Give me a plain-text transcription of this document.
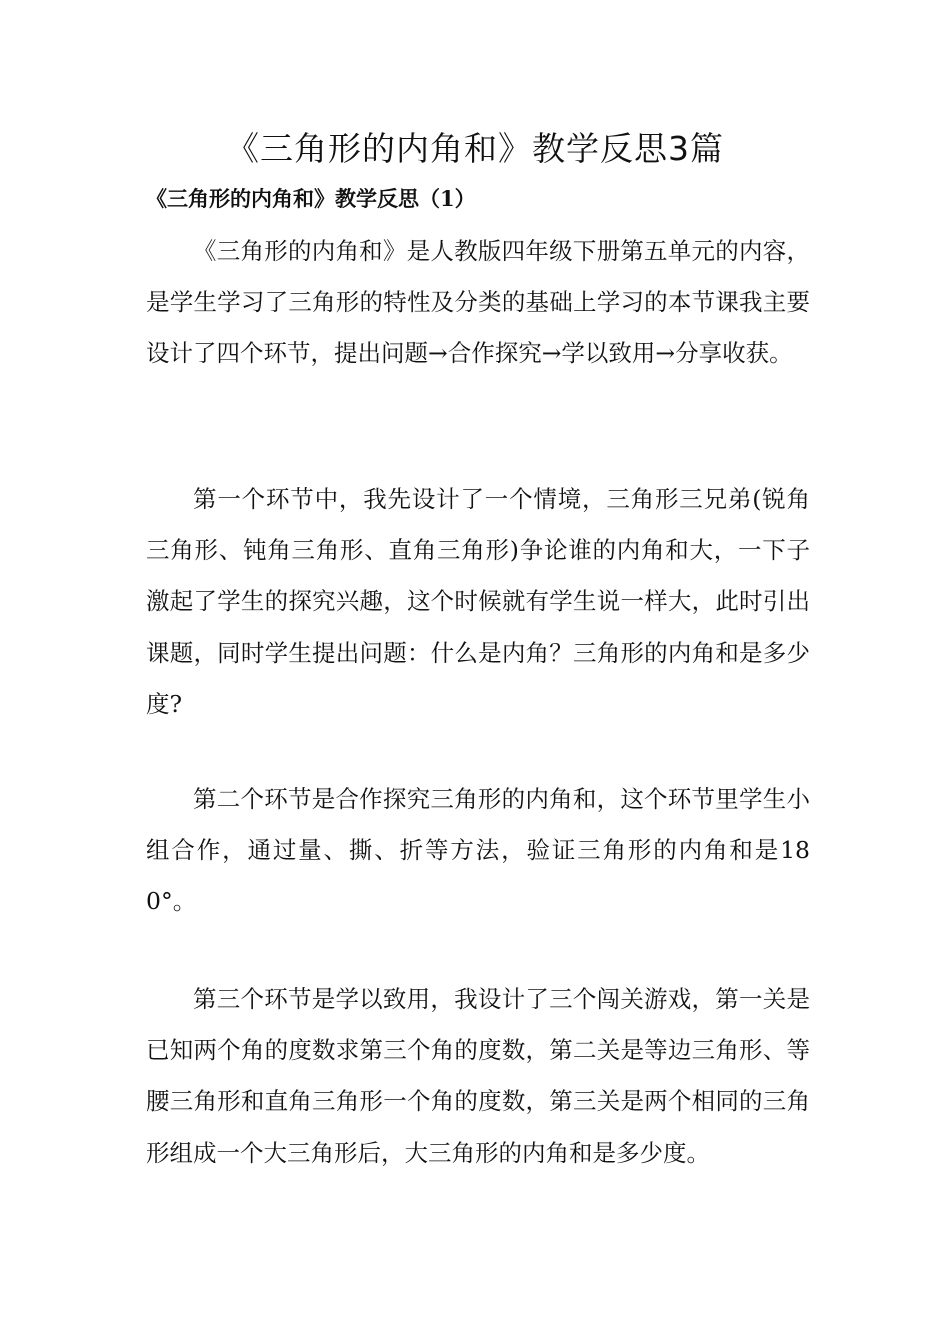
《三角形的内角和》教学反思3篇
《三角形的内角和》教学反思（1）

《三角形的内角和》是人教版四年级下册第五单元的内容，是学生学习了三角形的特性及分类的基础上学习的本节课我主要设计了四个环节，提出问题→合作探究→学以致用→分享收获。

第一个环节中，我先设计了一个情境，三角形三兄弟(锐角三角形、钝角三角形、直角三角形)争论谁的内角和大，一下子激起了学生的探究兴趣，这个时候就有学生说一样大，此时引出课题，同时学生提出问题：什么是内角？三角形的内角和是多少度?

第二个环节是合作探究三角形的内角和，这个环节里学生小组合作，通过量、撕、折等方法，验证三角形的内角和是180°。

第三个环节是学以致用，我设计了三个闯关游戏，第一关是已知两个角的度数求第三个角的度数，第二关是等边三角形、等腰三角形和直角三角形一个角的度数，第三关是两个相同的三角形组成一个大三角形后，大三角形的内角和是多少度。
